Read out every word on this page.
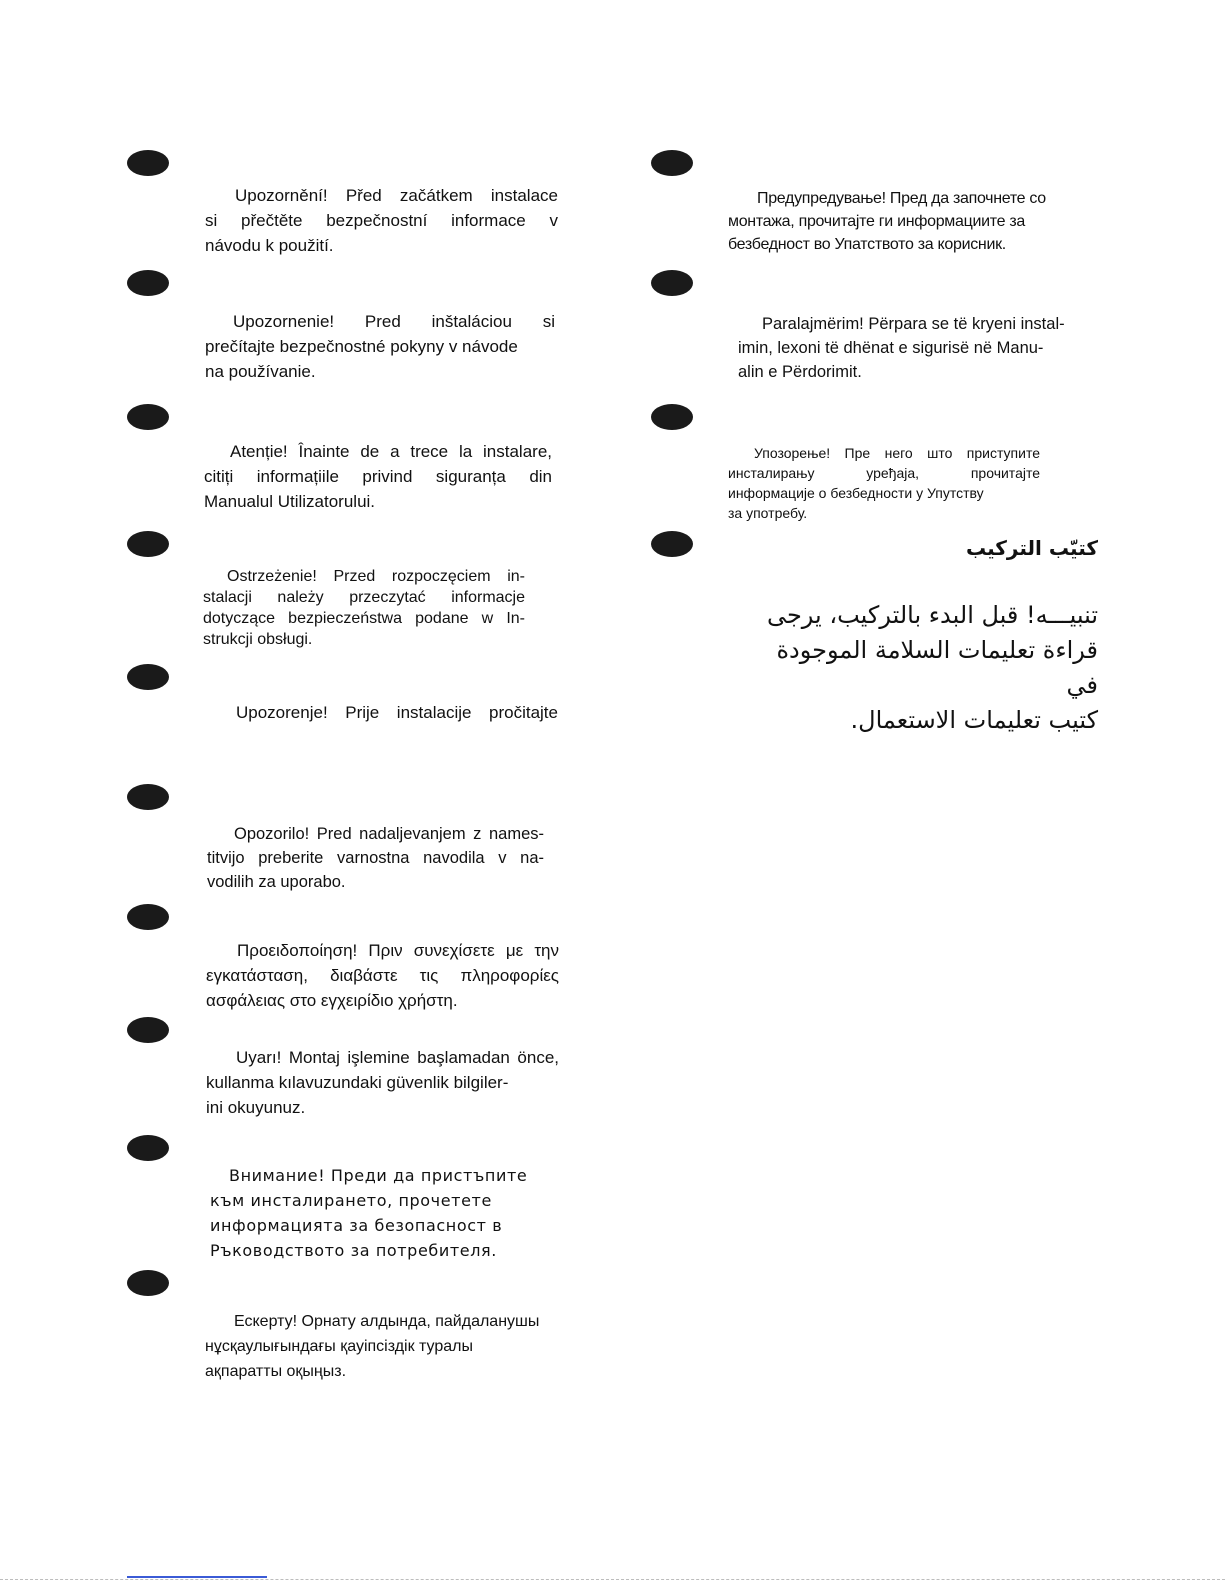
Upozornění! Před začátkem instalace
si přečtěte bezpečnostní informace v
návodu k použití.

Upozornenie! Pred inštaláciou si
prečítajte bezpečnostné pokyny v návode
na používanie.

Atenție! Înainte de a trece la instalare,
citiți informațiile privind siguranța din
Manualul Utilizatorului.

Ostrzeżenie! Przed rozpoczęciem in-
stalacji należy przeczytać informacje
dotyczące bezpieczeństwa podane w In-
strukcji obsługi.

Upozorenje! Prije instalacije pročitajte

Opozorilo! Pred nadaljevanjem z names-
titvijo preberite varnostna navodila v na-
vodilih za uporabo.

Προειδοποίηση! Πριν συνεχίσετε με την
εγκατάσταση, διαβάστε τις πληροφορίες
ασφάλειας στο εγχειρίδιο χρήστη.

Uyarı! Montaj işlemine başlamadan önce,
kullanma kılavuzundaki güvenlik bilgiler-
ini okuyunuz.

Внимание! Преди да пристъпите
към инсталирането, прочетете
информацията за безопасност в
Ръководството за потребителя.

Ескерту! Орнату алдында, пайдаланушы
нұсқаулығындағы қауіпсіздік туралы
ақпаратты оқыңыз.

Предупредување! Пред да започнете со
монтажа, прочитајте ги информациите за
безбедност во Упатството за корисник.

Paralajmërim! Përpara se të kryeni instal-
imin, lexoni të dhënat e sigurisë në Manu-
alin e Përdorimit.

Упозорење! Пре него што приступите
инсталирању уређаја, прочитајте
информације о безбедности у Упутству
за употребу.

كتيّب التركيب

تنبيـــه! قبل البدء بالتركيب، يرجى
قراءة تعليمات السلامة الموجودة في
كتيب تعليمات الاستعمال.
